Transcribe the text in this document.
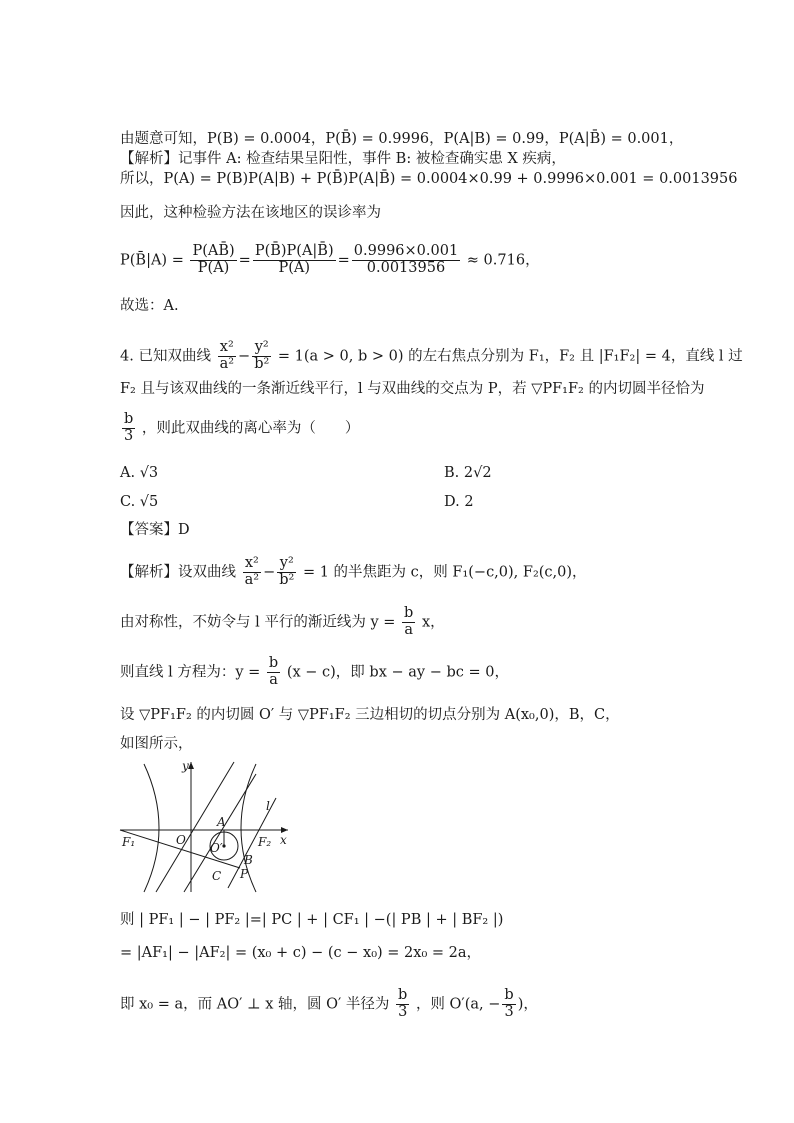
【解析】记事件 A: 检查结果呈阳性，事件 B: 被检查确实患 X 疾病，
由题意可知，P(B) = 0.0004，P(B̄) = 0.9996，P(A|B) = 0.99，P(A|B̄) = 0.001，
所以，P(A) = P(B)P(A|B) + P(B̄)P(A|B̄) = 0.0004×0.99 + 0.9996×0.001 = 0.0013956
因此，这种检验方法在该地区的误诊率为
P(B̄|A) = $\frac{P(AB̄)}{P(A)} = \frac{P(B̄)P(A|B̄)}{P(A)} = \frac{0.9996\times 0.001}{0.0013956} \approx 0.716$，
故选：A.
4. 已知双曲线 $\frac{\text{x²}}{\text{a²}} - \frac{\text{y²}}{\text{b²}} = 1(a > 0$, b > 0) 的左右焦点分别为 F₁，F₂ 且 |F₁F₂| = 4，直线 l 过
F₂ 且与该双曲线的一条渐近线平行，l 与双曲线的交点为 P，若 ▽PF₁F₂ 的内切圆半径恰为
$\frac{b}{3}$ ，则此双曲线的离心率为（　　）
A. √3	B. 2√2
C. √5	D. 2
【答案】D
【解析】设双曲线 $\frac{\text{x²}}{\text{a²}} - \frac{\text{y²}}{\text{b²}} = 1$ 的半焦距为 c，则 F₁(−c,0), F₂(c,0)，
由对称性，不妨令与 l 平行的渐近线为 $y = \frac{b}{a}$ x，
则直线 l 方程为：$y = \frac{b}{a} (x - c)$，即 bx − ay − bc = 0，
设 ▽PF₁F₂ 的内切圆 O′ 与 ▽PF₁F₂ 三边相切的切点分别为 A(x₀,0)，B，C，
如图所示，
y
x
O
F₁	F₂
A
B
C P
O′
l
则 | PF₁ | − | PF₂ |=| PC | + | CF₁ | −(| PB | + | BF₂ |)
= |AF₁| − |AF₂| = (x₀ + c) − (c − x₀) = 2x₀ = 2a，
即 x₀ = a，而 AO′ ⊥ x 轴，圆 O′ 半径为 $\frac{b}{3}$ ，则 O′(a, − $\frac{b}{3}$ )，
